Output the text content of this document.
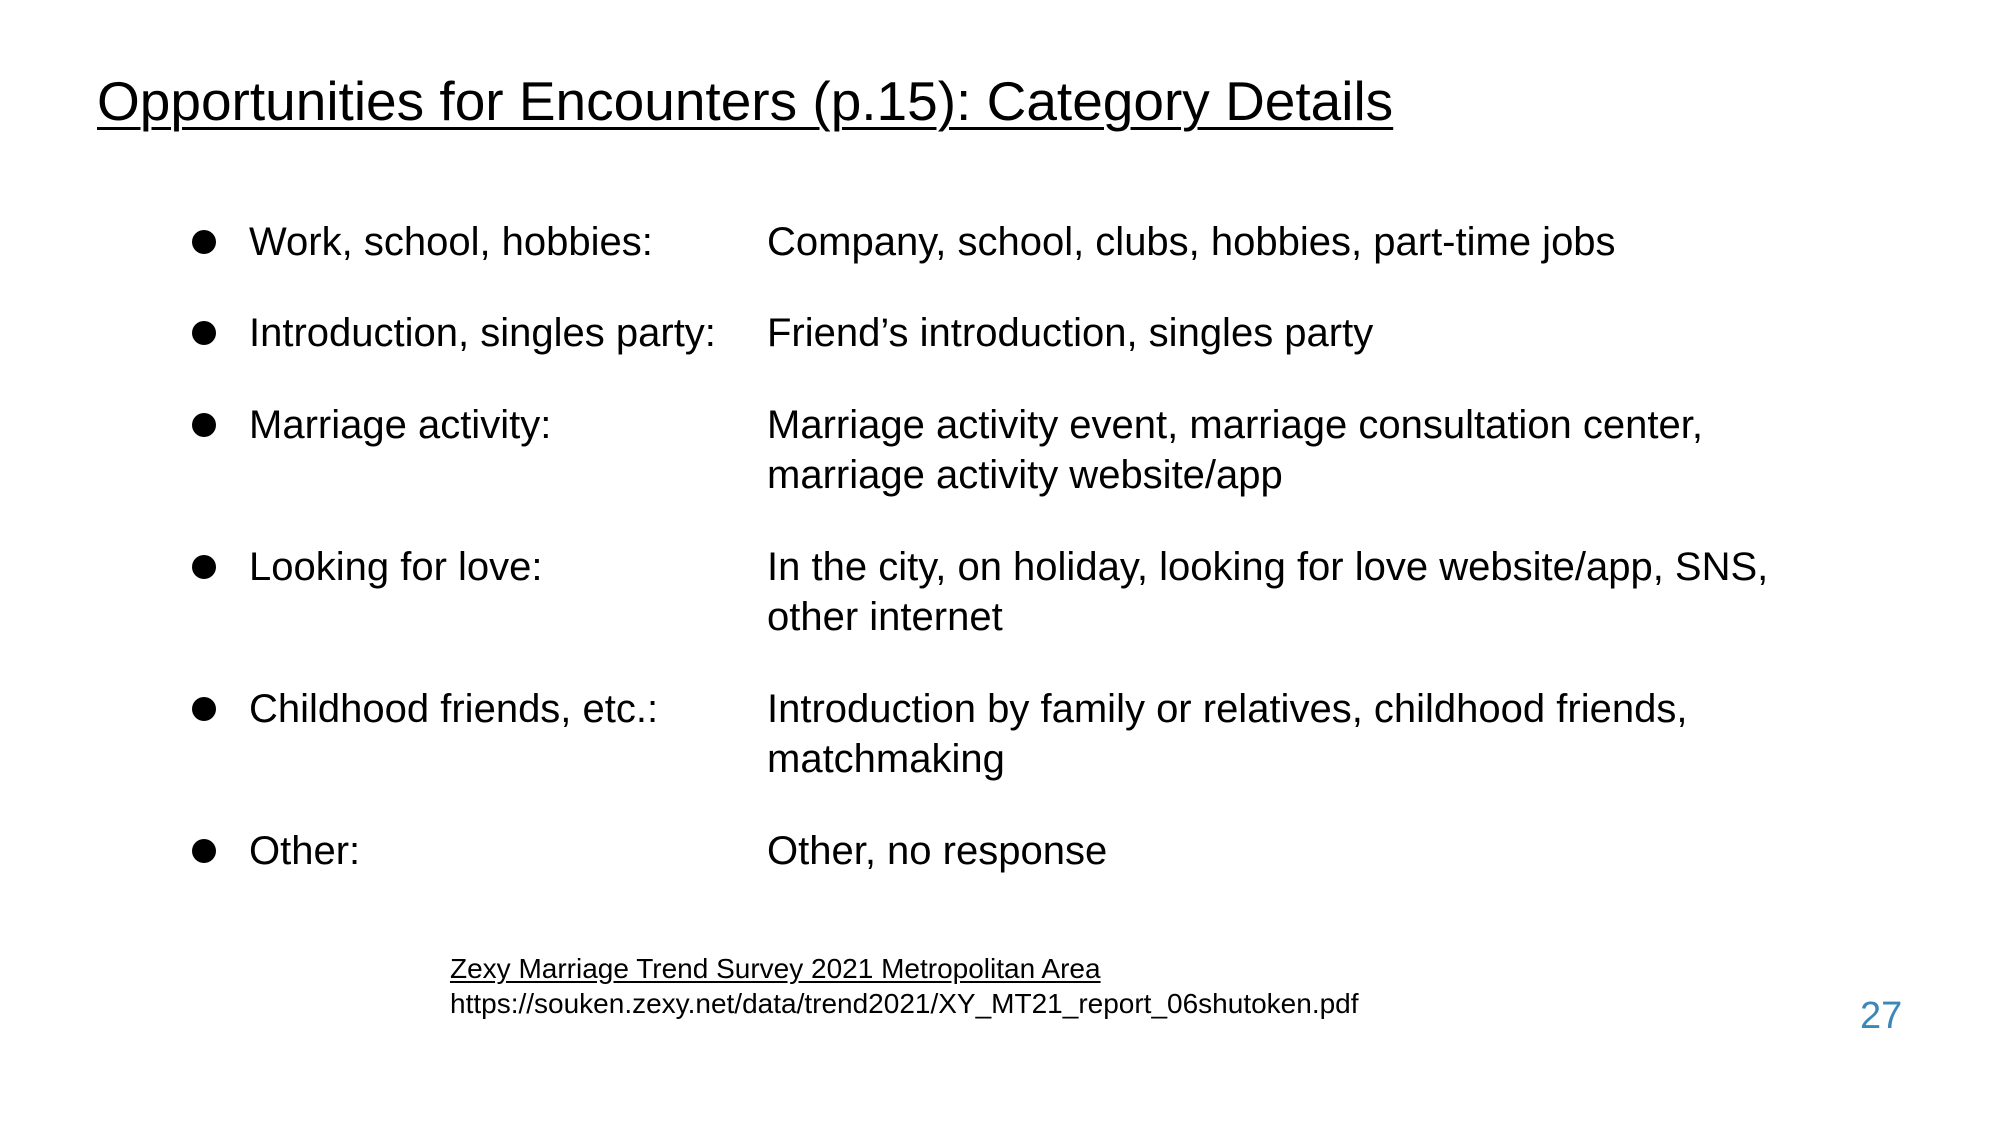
Opportunities for Encounters (p.15): Category Details
Work, school, hobbies:	Company, school, clubs, hobbies, part-time jobs
Introduction, singles party: Friend’s introduction, singles party
Marriage activity:	Marriage activity event, marriage consultation center,
marriage activity website/app
Looking for love:	In the city, on holiday, looking for love website/app, SNS,
other internet
Childhood friends, etc.:	Introduction by family or relatives, childhood friends,
matchmaking
Other:	Other, no response
Zexy Marriage Trend Survey 2021 Metropolitan Area
https://souken.zexy.net/data/trend2021/XY_MT21_report_06shutoken.pdf	27
